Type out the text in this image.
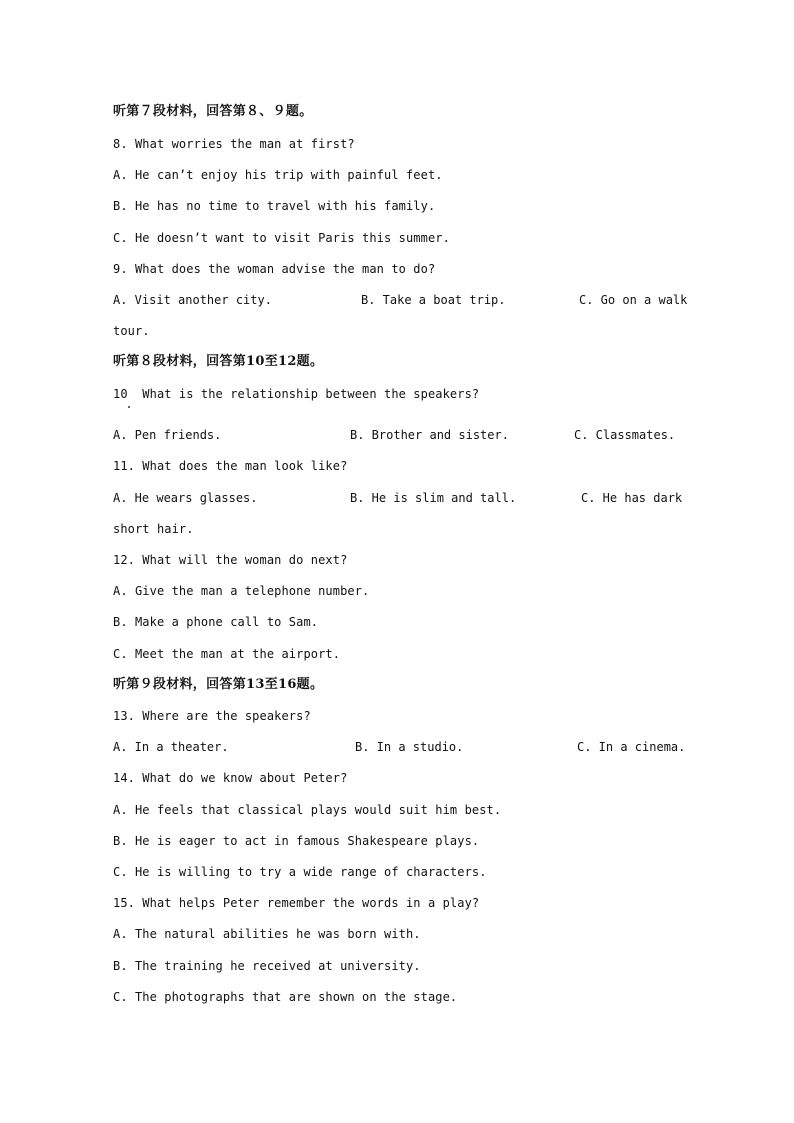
听第７段材料，回答第８、９题。
8. What worries the man at first?
A. He can’t enjoy his trip with painful feet.
B. He has no time to travel with his family.
C. He doesn’t want to visit Paris this summer.
9. What does the woman advise the man to do?
A. Visit another city.	B. Take a boat trip.	C. Go on a walk
tour.
听第８段材料，回答第10至12题。
10  What is the relationship between the speakers?
A. Pen friends.	B. Brother and sister.	C. Classmates.
11. What does the man look like?
A. He wears glasses.	B. He is slim and tall.	C. He has dark
short hair.
12. What will the woman do next?
A. Give the man a telephone number.
B. Make a phone call to Sam.
C. Meet the man at the airport.
听第９段材料，回答第13至16题。
13. Where are the speakers?
A. In a theater.	B. In a studio.	C. In a cinema.
14. What do we know about Peter?
A. He feels that classical plays would suit him best.
B. He is eager to act in famous Shakespeare plays.
C. He is willing to try a wide range of characters.
15. What helps Peter remember the words in a play?
A. The natural abilities he was born with.
B. The training he received at university.
C. The photographs that are shown on the stage.
